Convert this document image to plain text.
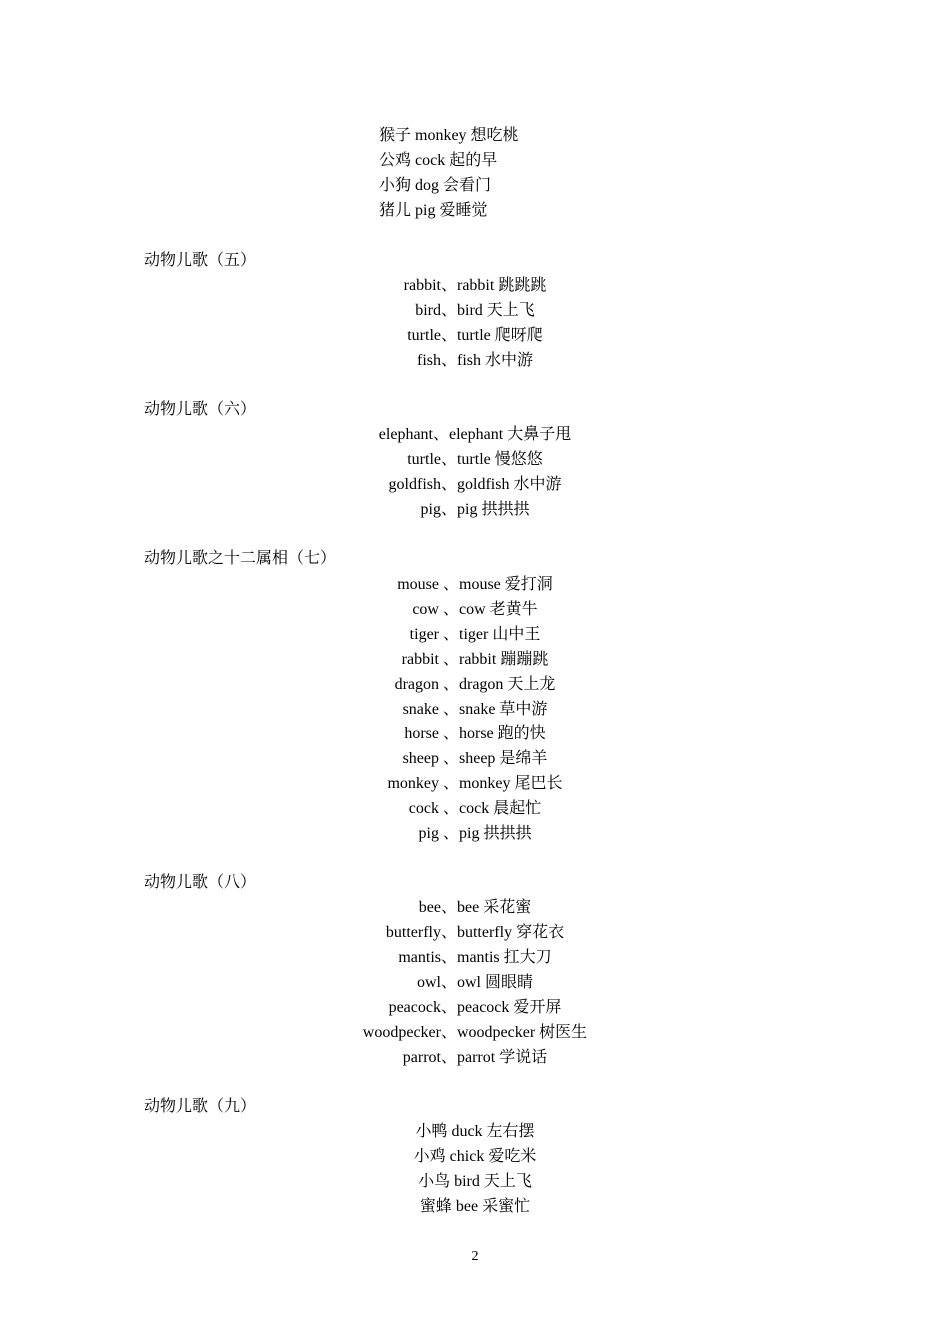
猴子 monkey 想吃桃
公鸡 cock 起的早
小狗 dog 会看门
猪儿 pig 爱睡觉
动物儿歌（五）
rabbit、rabbit 跳跳跳
bird、bird 天上飞
turtle、turtle 爬呀爬
fish、fish 水中游
动物儿歌（六）
elephant、elephant 大鼻子甩
turtle、turtle 慢悠悠
goldfish、goldfish 水中游
pig、pig 拱拱拱
动物儿歌之十二属相（七）
mouse 、mouse 爱打洞
cow 、cow 老黄牛
tiger 、tiger 山中王
rabbit 、rabbit 蹦蹦跳
dragon 、dragon 天上龙
snake 、snake 草中游
horse 、horse 跑的快
sheep 、sheep 是绵羊
monkey 、monkey 尾巴长
cock 、cock 晨起忙
pig 、pig 拱拱拱
动物儿歌（八）
bee、bee 采花蜜
butterfly、butterfly 穿花衣
mantis、mantis 扛大刀
owl、owl 圆眼睛
peacock、peacock 爱开屏
woodpecker、woodpecker 树医生
parrot、parrot 学说话
动物儿歌（九）
小鸭 duck 左右摆
小鸡 chick 爱吃米
小鸟 bird 天上飞
蜜蜂 bee 采蜜忙
2
